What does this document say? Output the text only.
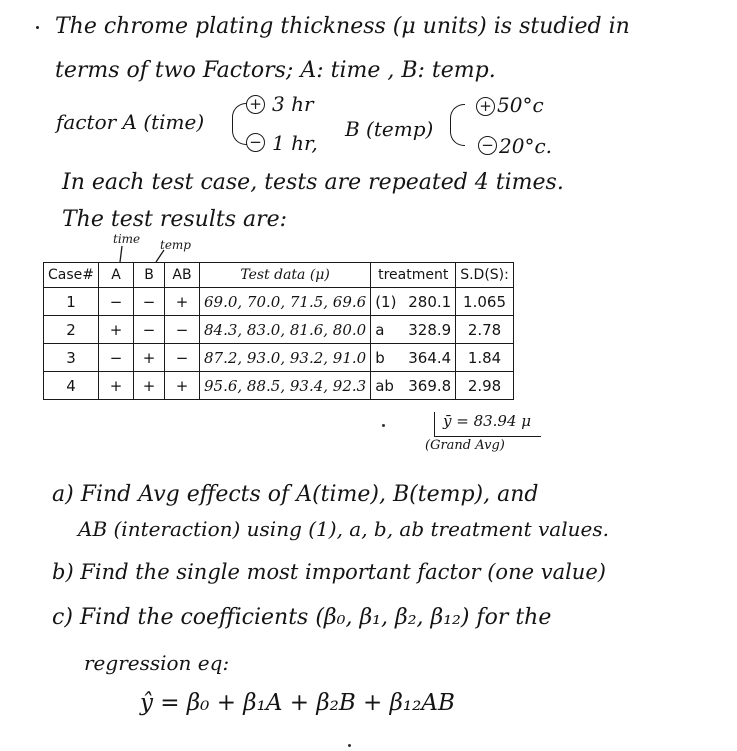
The chrome plating thickness (μ units) is studied in
terms of two Factors; A: time , B: temp.
factor A (time)
+ 3 hr
− 1 hr,
B (temp)
+ 50°c
− 20°c.
In each test case, tests are repeated 4 times.
The test results are:
time temp
Case#	A	B	AB	Test data (μ)	treatment	S.D(S):
1	−	−	+	69.0, 70.0, 71.5, 69.6	(1) 280.1	1.065
2	+	−	−	84.3, 83.0, 81.6, 80.0	a 328.9	2.78
3	−	+	−	87.2, 93.0, 93.2, 91.0	b 364.4	1.84
4	+	+	+	95.6, 88.5, 93.4, 92.3	ab 369.8	2.98
ȳ = 83.94 μ
(Grand Avg)
a) Find Avg effects of A(time), B(temp), and
AB (interaction) using (1), a, b, ab treatment values.
b) Find the single most important factor (one value)
c) Find the coefficients (β₀, β₁, β₂, β₁₂) for the
regression eq:
ŷ = β₀ + β₁A + β₂B + β₁₂AB
